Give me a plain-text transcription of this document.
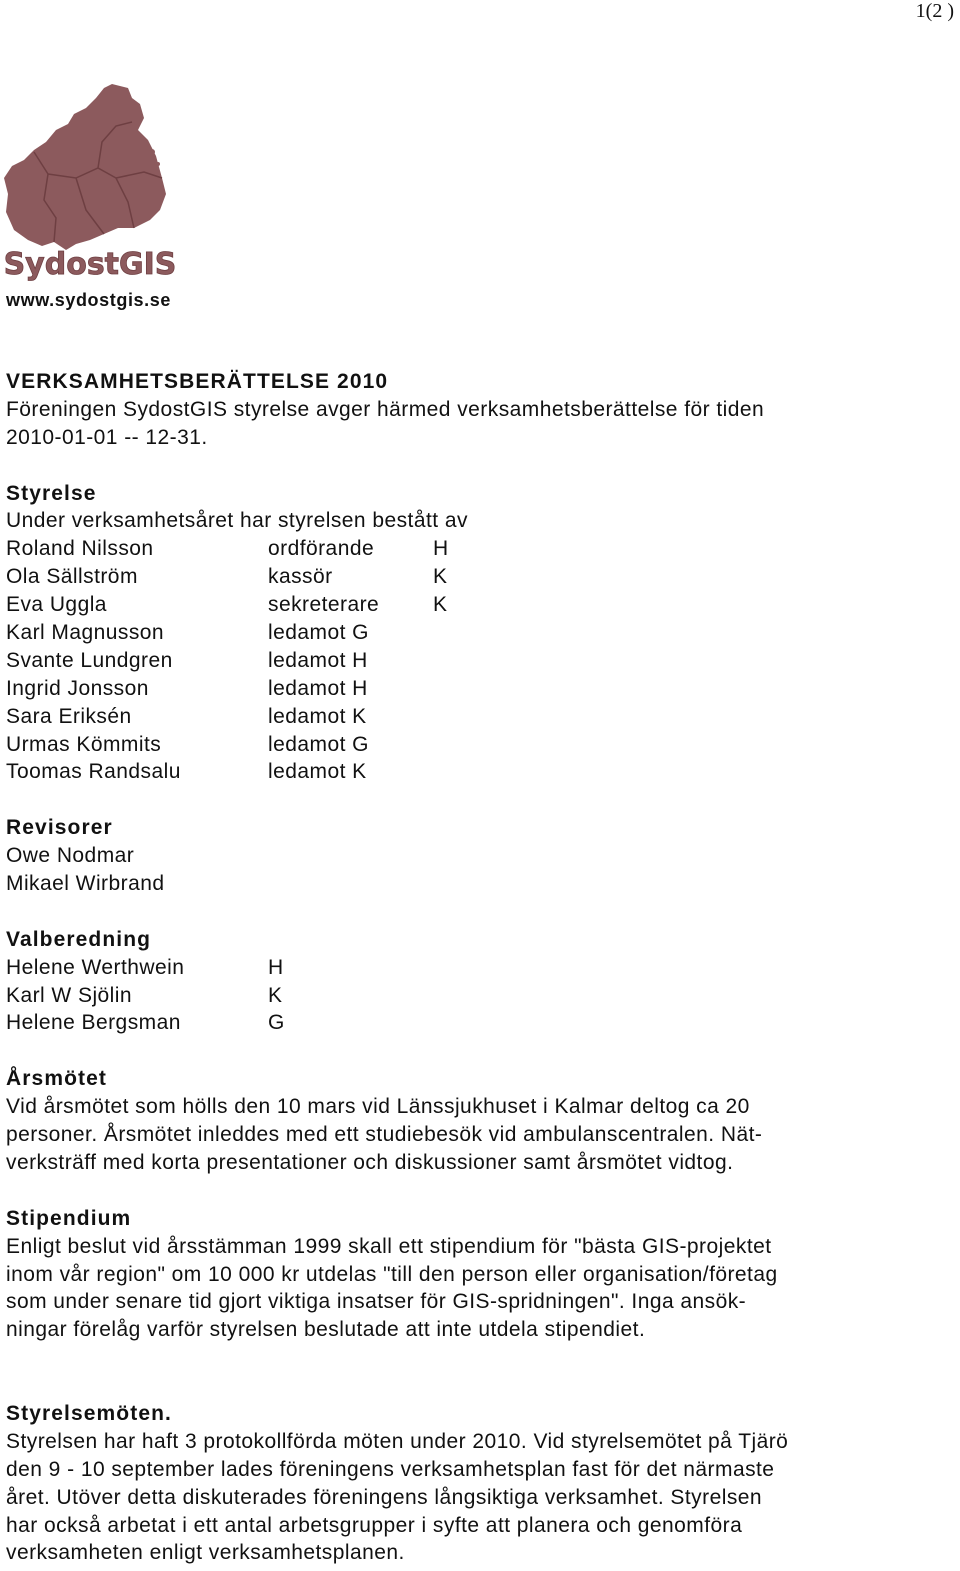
1(2 )
SydostGIS
www.sydostgis.se
VERKSAMHETSBERÄTTELSE 2010
Föreningen SydostGIS styrelse avger härmed verksamhetsberättelse för tiden
2010-01-01 -- 12-31.
Styrelse
Under verksamhetsåret har styrelsen bestått av
Roland Nilsson	ordförande	H
Ola Sällström	kassör	K
Eva Uggla	sekreterare	K
Karl Magnusson	ledamot G
Svante Lundgren	ledamot H
Ingrid Jonsson	ledamot H
Sara Eriksén	ledamot K
Urmas Kömmits	ledamot G
Toomas Randsalu	ledamot K
Revisorer
Owe Nodmar
Mikael Wirbrand
Valberedning
Helene Werthwein	H
Karl W Sjölin	K
Helene Bergsman	G
Årsmötet
Vid årsmötet som hölls den 10 mars vid Länssjukhuset i Kalmar deltog ca 20
personer. Årsmötet inleddes med ett studiebesök vid ambulanscentralen. Nät-
verksträff med korta presentationer och diskussioner samt årsmötet vidtog.
Stipendium
Enligt beslut vid årsstämman 1999 skall ett stipendium för "bästa GIS-projektet
inom vår region" om 10 000 kr utdelas "till den person eller organisation/företag
som under senare tid gjort viktiga insatser för GIS-spridningen". Inga ansök-
ningar förelåg varför styrelsen beslutade att inte utdela stipendiet.
Styrelsemöten.
Styrelsen har haft 3 protokollförda möten under 2010. Vid styrelsemötet på Tjärö
den 9 - 10 september lades föreningens verksamhetsplan fast för det närmaste
året. Utöver detta diskuterades föreningens långsiktiga verksamhet. Styrelsen
har också arbetat i ett antal arbetsgrupper i syfte att planera och genomföra
verksamheten enligt verksamhetsplanen.
